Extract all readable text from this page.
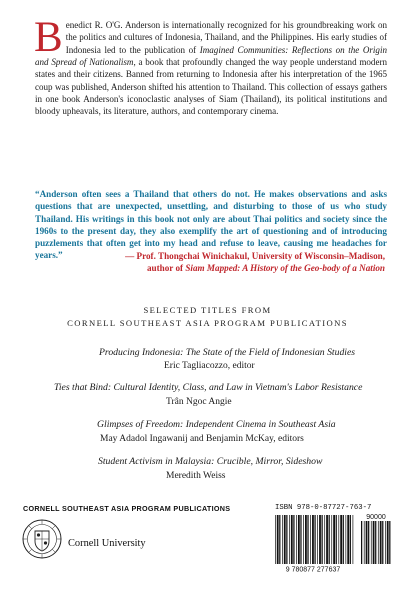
Benedict R. O'G. Anderson is internationally recognized for his groundbreaking work on the politics and cultures of Indonesia, Thailand, and the Philippines. His early studies of Indonesia led to the publication of Imagined Communities: Reflections on the Origin and Spread of Nationalism, a book that profoundly changed the way people understand modern states and their citizens. Banned from returning to Indonesia after his interpretation of the 1965 coup was published, Anderson shifted his attention to Thailand. This collection of essays gathers in one book Anderson's iconoclastic analyses of Siam (Thailand), its political institutions and bloody upheavals, its literature, authors, and contemporary cinema.

“Anderson often sees a Thailand that others do not. He makes observations and asks questions that are unexpected, unsettling, and disturbing to those of us who study Thailand. His writings in this book not only are about Thai politics and society since the 1960s to the present day, they also exemplify the art of questioning and of introducing puzzlements that often get into my head and refuse to leave, causing me headaches for years.”	— Prof. Thongchai Winichakul, University of Wisconsin–Madison,
author of Siam Mapped: A History of the Geo-body of a Nation
SELECTED TITLES FROM
CORNELL SOUTHEAST ASIA PROGRAM PUBLICATIONS
Producing Indonesia: The State of the Field of Indonesian Studies
Eric Tagliacozzo, editor
Ties that Bind: Cultural Identity, Class, and Law in Vietnam's Labor Resistance
Trân Ngoc Angie
Glimpses of Freedom: Independent Cinema in Southeast Asia
May Adadol Ingawanij and Benjamin McKay, editors
Student Activism in Malaysia: Crucible, Mirror, Sideshow
Meredith Weiss
CORNELL SOUTHEAST ASIA PROGRAM PUBLICATIONS
Cornell University
ISBN 978-0-87727-763-7
90000
9 780877 277637
